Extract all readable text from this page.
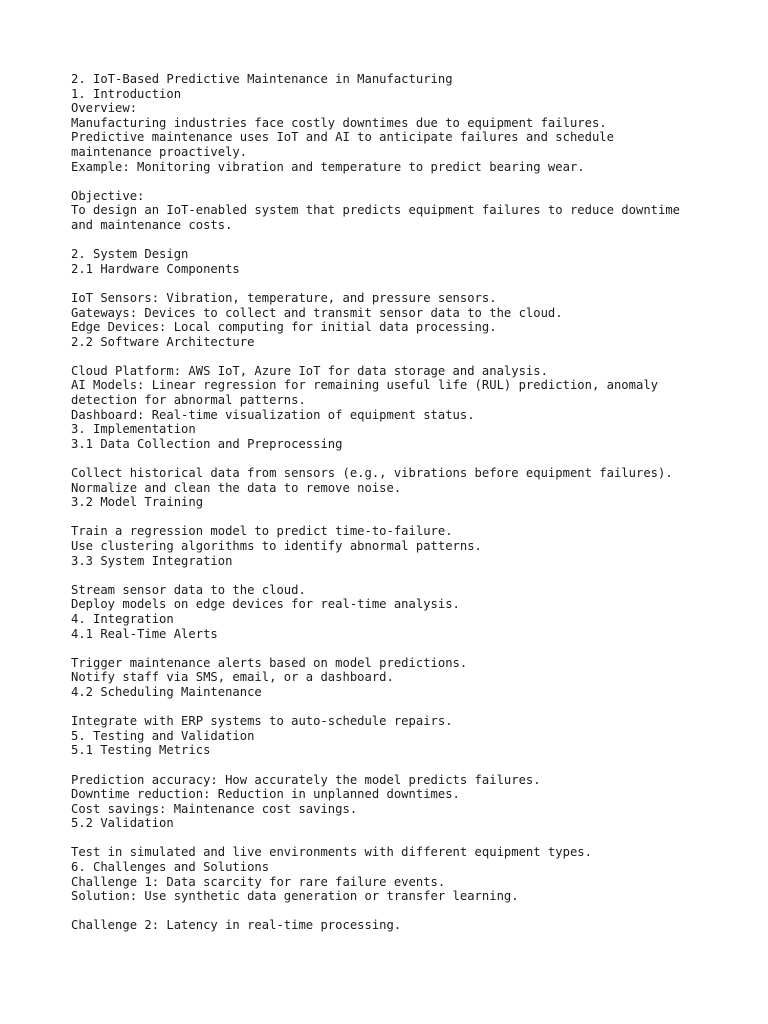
2. IoT-Based Predictive Maintenance in Manufacturing
1. Introduction
Overview:
Manufacturing industries face costly downtimes due to equipment failures.
Predictive maintenance uses IoT and AI to anticipate failures and schedule
maintenance proactively.
Example: Monitoring vibration and temperature to predict bearing wear.
Objective:
To design an IoT-enabled system that predicts equipment failures to reduce downtime
and maintenance costs.
2. System Design
2.1 Hardware Components
IoT Sensors: Vibration, temperature, and pressure sensors.
Gateways: Devices to collect and transmit sensor data to the cloud.
Edge Devices: Local computing for initial data processing.
2.2 Software Architecture
Cloud Platform: AWS IoT, Azure IoT for data storage and analysis.
AI Models: Linear regression for remaining useful life (RUL) prediction, anomaly
detection for abnormal patterns.
Dashboard: Real-time visualization of equipment status.
3. Implementation
3.1 Data Collection and Preprocessing
Collect historical data from sensors (e.g., vibrations before equipment failures).
Normalize and clean the data to remove noise.
3.2 Model Training
Train a regression model to predict time-to-failure.
Use clustering algorithms to identify abnormal patterns.
3.3 System Integration
Stream sensor data to the cloud.
Deploy models on edge devices for real-time analysis.
4. Integration
4.1 Real-Time Alerts
Trigger maintenance alerts based on model predictions.
Notify staff via SMS, email, or a dashboard.
4.2 Scheduling Maintenance
Integrate with ERP systems to auto-schedule repairs.
5. Testing and Validation
5.1 Testing Metrics
Prediction accuracy: How accurately the model predicts failures.
Downtime reduction: Reduction in unplanned downtimes.
Cost savings: Maintenance cost savings.
5.2 Validation
Test in simulated and live environments with different equipment types.
6. Challenges and Solutions
Challenge 1: Data scarcity for rare failure events.
Solution: Use synthetic data generation or transfer learning.
Challenge 2: Latency in real-time processing.
